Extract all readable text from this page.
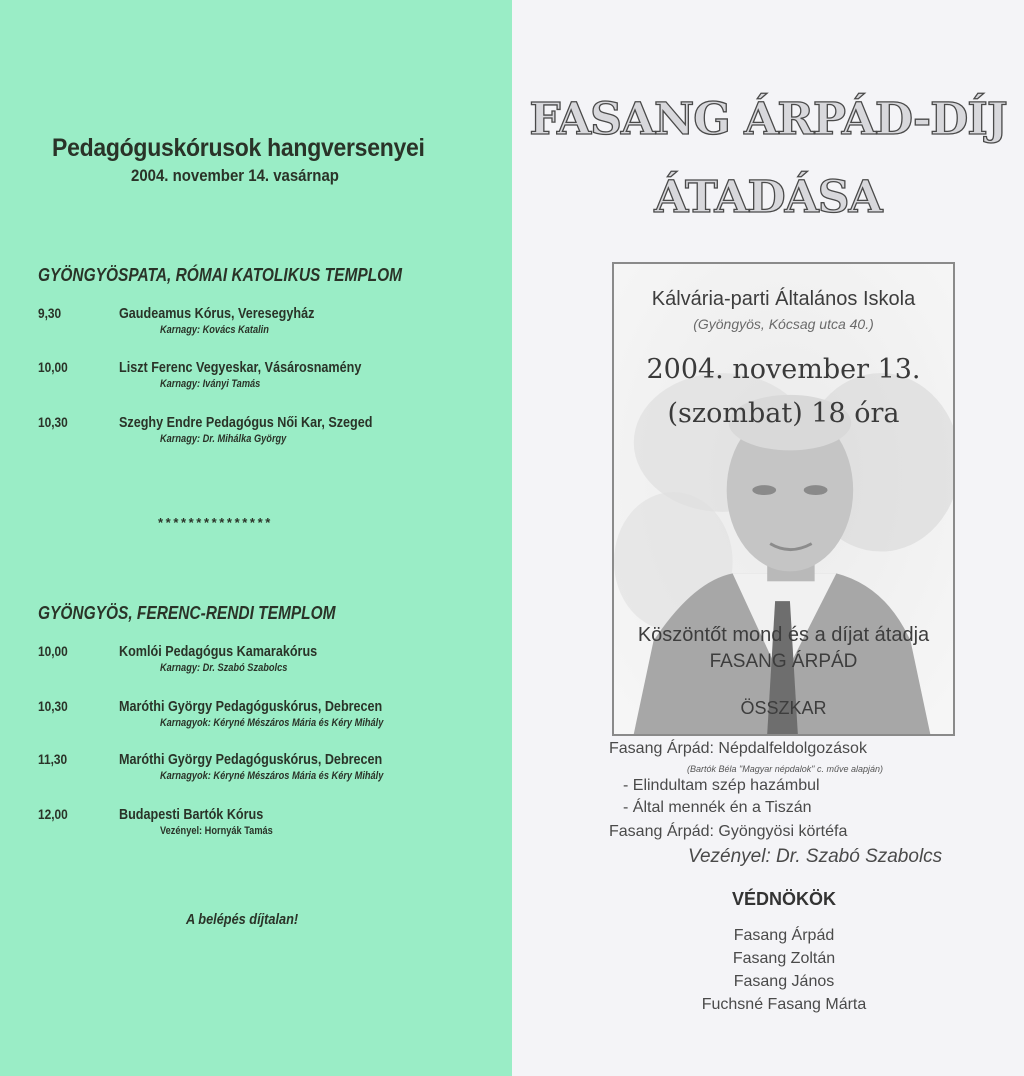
Pedagóguskórusok hangversenyei
2004. november 14. vasárnap
GYÖNGYÖSPATA, RÓMAI KATOLIKUS TEMPLOM
9,30	Gaudeamus Kórus, Veresegyház
Karnagy: Kovács Katalin
10,00	Liszt Ferenc Vegyeskar, Vásárosnamény
Karnagy: Iványi Tamás
10,30	Szeghy Endre Pedagógus Női Kar, Szeged
Karnagy: Dr. Mihálka György
***************
GYÖNGYÖS, FERENC-RENDI TEMPLOM
10,00	Komlói Pedagógus Kamarakórus
Karnagy: Dr. Szabó Szabolcs
10,30	Maróthi György Pedagóguskórus, Debrecen
Karnagyok: Kéryné Mészáros Mária és Kéry Mihály
11,30	Maróthi György Pedagóguskórus, Debrecen
Karnagyok: Kéryné Mészáros Mária és Kéry Mihály
12,00	Budapesti Bartók Kórus
Vezényel: Hornyák Tamás
A belépés díjtalan!
FASANG ÁRPÁD-DÍJ
ÁTADÁSA
Kálvária-parti Általános Iskola
(Gyöngyös, Kócsag utca 40.)
2004. november 13.
(szombat) 18 óra
Köszöntőt mond és a díjat átadja
FASANG ÁRPÁD
ÖSSZKAR
Fasang Árpád: Népdalfeldolgozások
(Bartók Béla "Magyar népdalok" c. műve alapján)
- Elindultam szép hazámbul
- Által mennék én a Tiszán
Fasang Árpád: Gyöngyösi körtéfa
Vezényel: Dr. Szabó Szabolcs
VÉDNÖKÖK
Fasang Árpád
Fasang Zoltán
Fasang János
Fuchsné Fasang Márta
